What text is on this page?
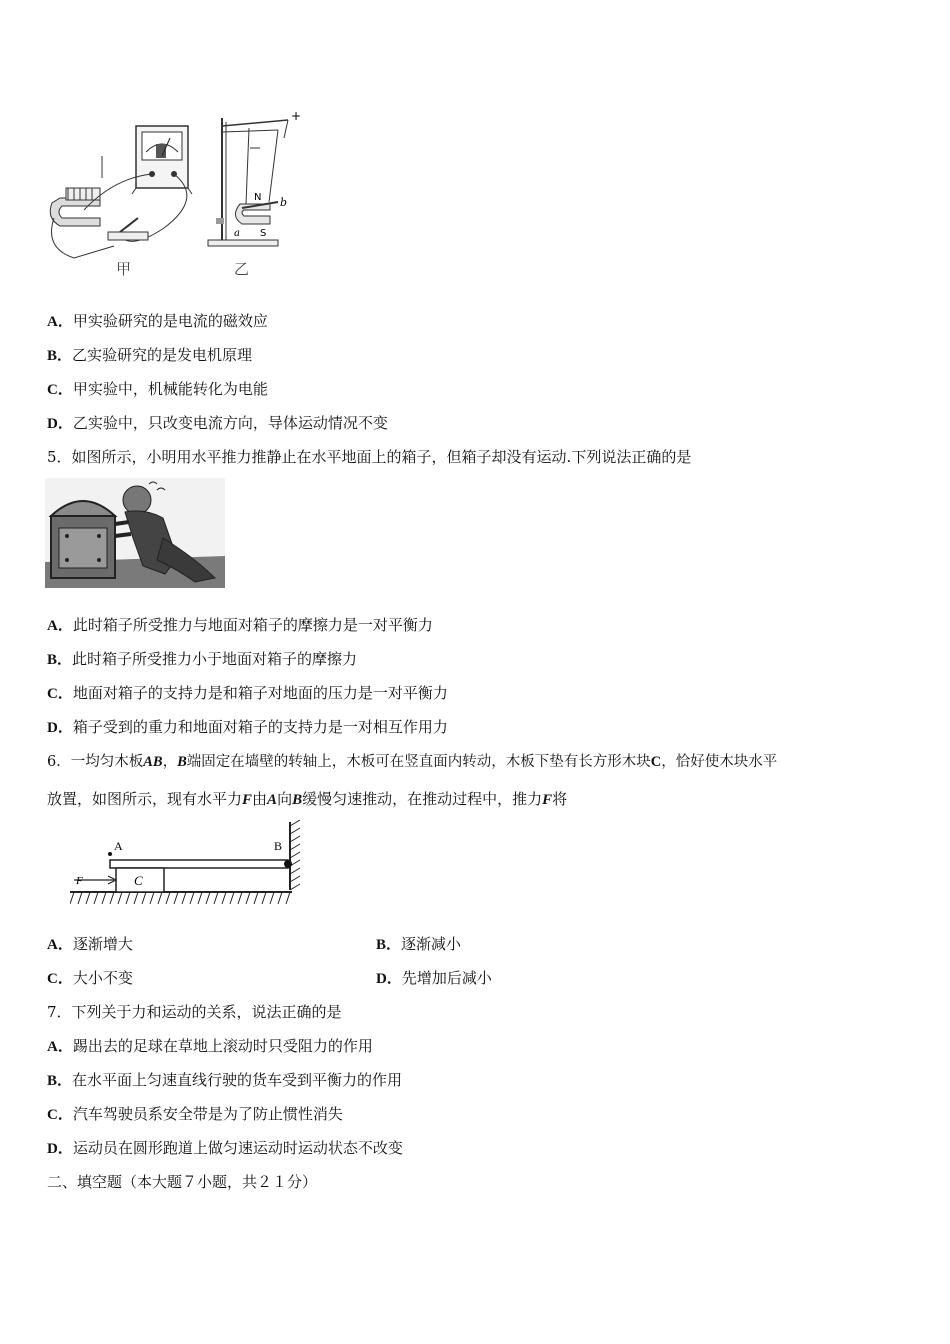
+
N
S
a
b
甲	乙
A．甲实验研究的是电流的磁效应
B．乙实验研究的是发电机原理
C．甲实验中，机械能转化为电能
D．乙实验中，只改变电流方向，导体运动情况不变
5．如图所示，小明用水平推力推静止在水平地面上的箱子，但箱子却没有运动.下列说法正确的是
A．此时箱子所受推力与地面对箱子的摩擦力是一对平衡力
B．此时箱子所受推力小于地面对箱子的摩擦力
C．地面对箱子的支持力是和箱子对地面的压力是一对平衡力
D．箱子受到的重力和地面对箱子的支持力是一对相互作用力
6．一均匀木板AB，B端固定在墙壁的转轴上，木板可在竖直面内转动，木板下垫有长方形木块C，恰好使木块水平
放置，如图所示，现有水平力F由A向B缓慢匀速推动，在推动过程中，推力F将
A	B
C
F
A．逐渐增大	B．逐渐减小
C．大小不变	D．先增加后减小
7．下列关于力和运动的关系，说法正确的是
A．踢出去的足球在草地上滚动时只受阻力的作用
B．在水平面上匀速直线行驶的货车受到平衡力的作用
C．汽车驾驶员系安全带是为了防止惯性消失
D．运动员在圆形跑道上做匀速运动时运动状态不改变
二、填空题（本大题７小题，共２１分）
